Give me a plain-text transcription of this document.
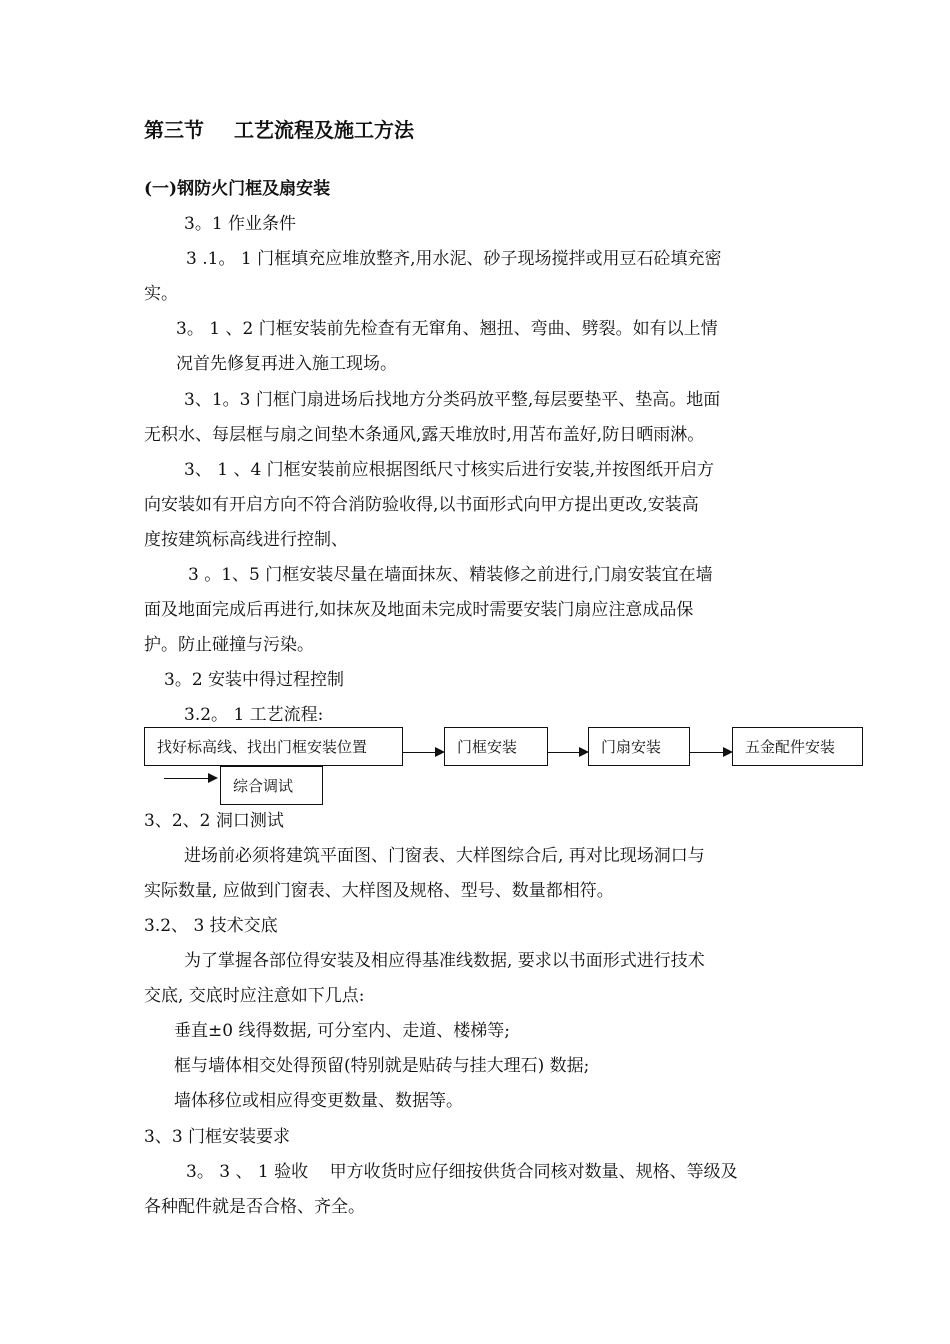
第三节 工艺流程及施工方法
(一)钢防火门框及扇安装
3。1 作业条件
3 .1。 1 门框填充应堆放整齐,用水泥、砂子现场搅拌或用豆石砼填充密
实。
3。 1 、2 门框安装前先检查有无窜角、翘扭、弯曲、劈裂。如有以上情
况首先修复再进入施工现场。
3、1。3 门框门扇进场后找地方分类码放平整,每层要垫平、垫高。地面
无积水、每层框与扇之间垫木条通风,露天堆放时,用苫布盖好,防日晒雨淋。
3、 1 、4 门框安装前应根据图纸尺寸核实后进行安装,并按图纸开启方
向安装如有开启方向不符合消防验收得,以书面形式向甲方提出更改,安装高
度按建筑标高线进行控制、
3 。1、5 门框安装尽量在墙面抹灰、精装修之前进行,门扇安装宜在墙
面及地面完成后再进行,如抹灰及地面未完成时需要安装门扇应注意成品保
护。防止碰撞与污染。
3。2 安装中得过程控制
3.2。 1 工艺流程:
找好标高线、找出门框安装位置	门框安装	门扇安装	五金配件安装
综合调试
3、2、2 洞口测试
进场前必须将建筑平面图、门窗表、大样图综合后, 再对比现场洞口与
实际数量, 应做到门窗表、大样图及规格、型号、数量都相符。
3.2、 3 技术交底
为了掌握各部位得安装及相应得基准线数据, 要求以书面形式进行技术
交底, 交底时应注意如下几点:
垂直±0 线得数据, 可分室内、走道、楼梯等;
框与墙体相交处得预留(特别就是贴砖与挂大理石) 数据;
墙体移位或相应得变更数量、数据等。
3、3 门框安装要求
3。 3 、 1 验收    甲方收货时应仔细按供货合同核对数量、规格、等级及
各种配件就是否合格、齐全。
